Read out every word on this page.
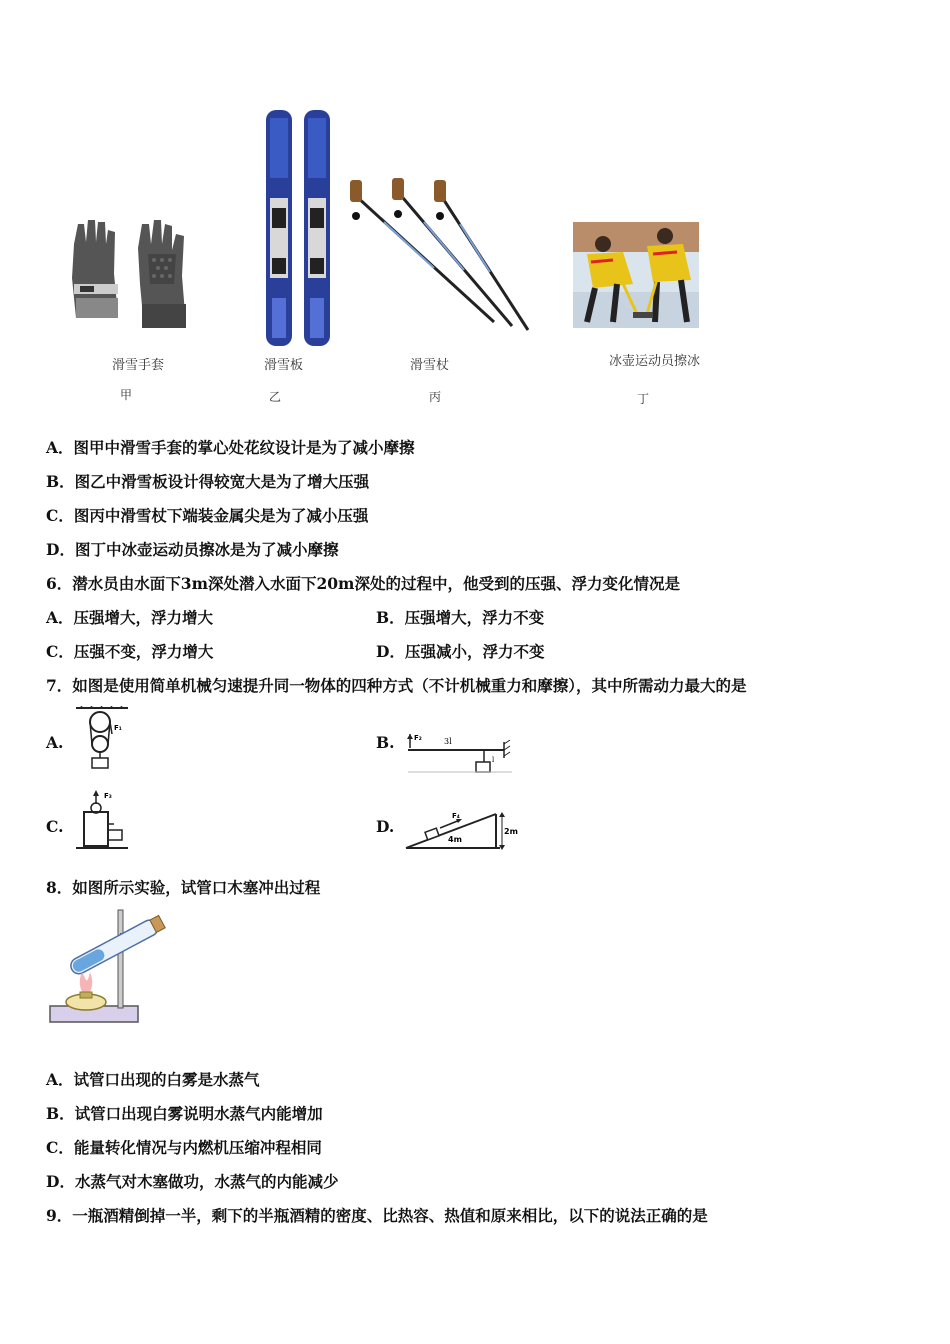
滑雪手套
甲
滑雪板
乙
滑雪杖
丙
冰壶运动员擦冰
丁
A．图甲中滑雪手套的掌心处花纹设计是为了减小摩擦
B．图乙中滑雪板设计得较宽大是为了增大压强
C．图丙中滑雪杖下端装金属尖是为了减小压强
D．图丁中冰壶运动员擦冰是为了减小摩擦
6．潜水员由水面下3m深处潜入水面下20m深处的过程中，他受到的压强、浮力变化情况是
A．压强增大，浮力增大	B．压强增大，浮力不变
C．压强不变，浮力增大	D．压强减小，浮力不变
7．如图是使用简单机械匀速提升同一物体的四种方式（不计机械重力和摩擦），其中所需动力最大的是
A.
F₁
B.	F₂	3l
l
C.
F₃
D.
F₄
4m
2m
8．如图所示实验，试管口木塞冲出过程
A．试管口出现的白雾是水蒸气
B．试管口出现白雾说明水蒸气内能增加
C．能量转化情况与内燃机压缩冲程相同
D．水蒸气对木塞做功，水蒸气的内能减少
9．一瓶酒精倒掉一半，剩下的半瓶酒精的密度、比热容、热值和原来相比，以下的说法正确的是
